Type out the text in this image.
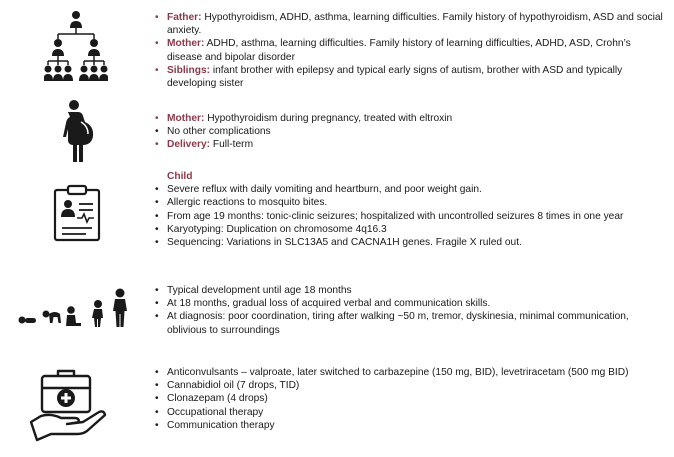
• Father: Hypothyroidism, ADHD, asthma, learning difficulties. Family history of hypothyroidism, ASD and social anxiety.
• Mother: ADHD, asthma, learning difficulties. Family history of learning difficulties, ADHD, ASD, Crohn’s disease and bipolar disorder
• Siblings: infant brother with epilepsy and typical early signs of autism, brother with ASD and typically developing sister
• Mother: Hypothyroidism during pregnancy, treated with eltroxin
• No other complications
• Delivery: Full-term
Child
• Severe reflux with daily vomiting and heartburn, and poor weight gain.
• Allergic reactions to mosquito bites.
• From age 19 months: tonic-clinic seizures; hospitalized with uncontrolled seizures 8 times in one year
• Karyotyping: Duplication on chromosome 4q16.3
• Sequencing: Variations in SLC13A5 and CACNA1H genes. Fragile X ruled out.
• Typical development until age 18 months
• At 18 months, gradual loss of acquired verbal and communication skills.
• At diagnosis: poor coordination, tiring after walking ~50 m, tremor, dyskinesia, minimal communication, oblivious to surroundings
• Anticonvulsants – valproate, later switched to carbazepine (150 mg, BID), levetriracetam (500 mg BID)
• Cannabidiol oil (7 drops, TID)
• Clonazepam (4 drops)
• Occupational therapy
• Communication therapy
